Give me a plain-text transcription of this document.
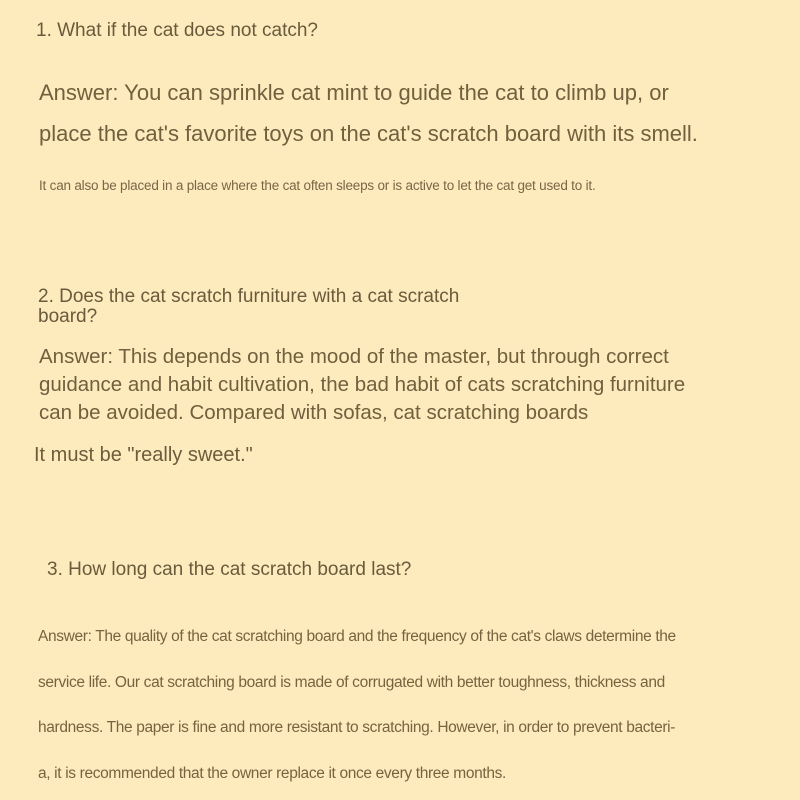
1. What if the cat does not catch?
Answer: You can sprinkle cat mint to guide the cat to climb up, or
place the cat's favorite toys on the cat's scratch board with its smell.
It can also be placed in a place where the cat often sleeps or is active to let the cat get used to it.
2. Does the cat scratch furniture with a cat scratch
board?
Answer: This depends on the mood of the master, but through correct
guidance and habit cultivation, the bad habit of cats scratching furniture
can be avoided. Compared with sofas, cat scratching boards
It must be "really sweet."
3. How long can the cat scratch board last?
Answer: The quality of the cat scratching board and the frequency of the cat's claws determine the
service life. Our cat scratching board is made of corrugated with better toughness, thickness and
hardness. The paper is fine and more resistant to scratching. However, in order to prevent bacteri-
a, it is recommended that the owner replace it once every three months.
